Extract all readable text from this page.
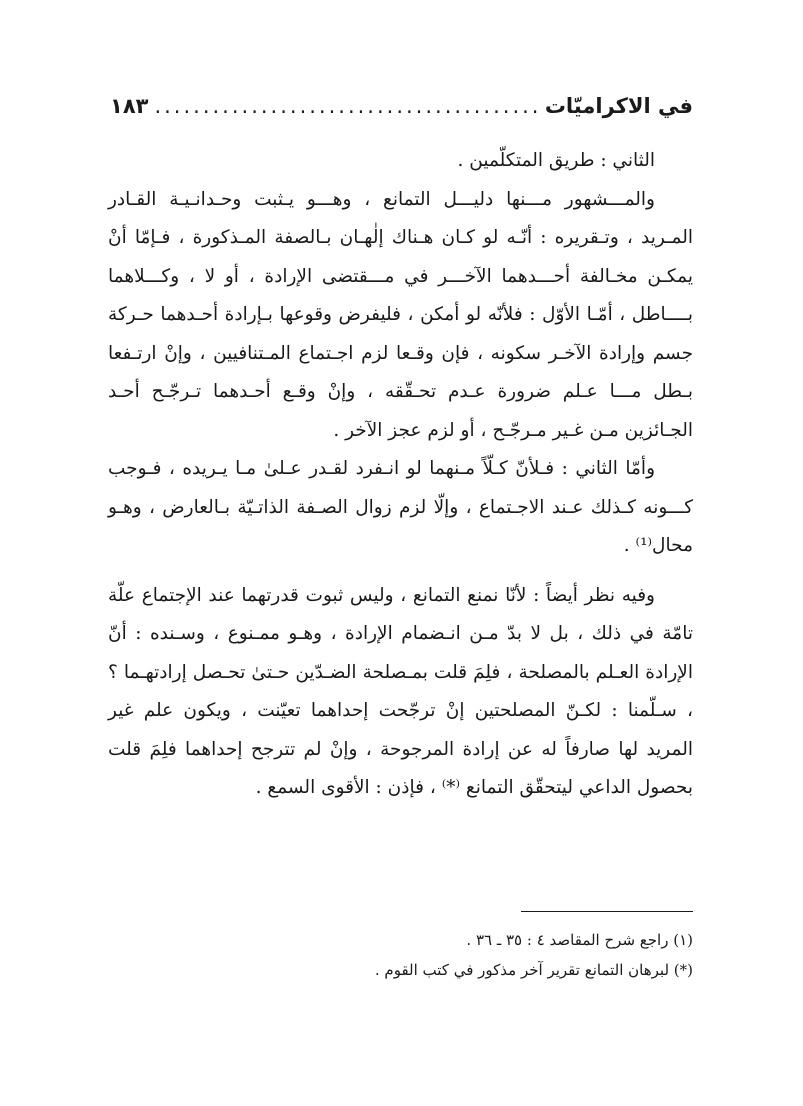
في الاكراميّات
.....
١٨٣

الثاني : طريق المتكلّمين .

والمـــشهور مـــنها دليـــل التمانع ، وهـــو يـثبت وحـدانـيـة القـادر المـريد ، وتـقريره : أنّـه لو كـان هـناك إلٰهـان بـالصفة المـذكورة ، فـإمّا أنْ يمكـن مخـالفة أحـــدهما الآخـــر في مـــقتضى الإرادة ، أو لا ، وكـــلاهما بــــاطل ، أمّـا الأوّل : فلأنّه لو أمكن ، فليفرض وقوعها بـإرادة أحـدهما حـركة جسم وإرادة الآخـر سكونه ، فإن وقـعا لزم اجـتماع المـتنافيين ، وإنْ ارتـفعا بـطل مـــا عـلم ضرورة عـدم تحـقّقه ، وإنْ وقـع أحـدهما تـرجّـح أحـد الجـائزين مـن غـير مـرجّـح ، أو لزم عجز الآخر .

وأمّا الثاني : فـلأنّ كـلّاً مـنهما لو انـفرد لقـدر عـلىٰ مـا يـريده ، فـوجب كـــونه كـذلك عـند الاجـتماع ، وإلّا لزم زوال الصـفة الذاتـيّة بـالعارض ، وهـو محال⁽¹⁾ .

وفيه نظر أيضاً : لأنّا نمنع التمانع ، وليس ثبوت قدرتهما عند الإجتماع علّة تامّة في ذلك ، بل لا بدّ مـن انـضمام الإرادة ، وهـو ممـنوع ، وسـنده : أنّ الإرادة العـلم بالمصلحة ، فلِمَ قلت بمـصلحة الضـدّين حـتىٰ تحـصل إرادتهـما ؟ ، سـلّمنا : لكـنّ المصلحتين إنْ ترجّحت إحداهما تعيّنت ، ويكون علم غير المريد لها صارفاً له عن إرادة المرجوحة ، وإنْ لم تترجح إحداهما فلِمَ قلت بحصول الداعي ليتحقّق التمانع ⁽*⁾ ، فإذن : الأقوى السمع .

(١) راجع شرح المقاصد ٤ : ٣٥ ـ ٣٦ .

(*) لبرهان التمانع تقرير آخر مذكور في كتب القوم .
